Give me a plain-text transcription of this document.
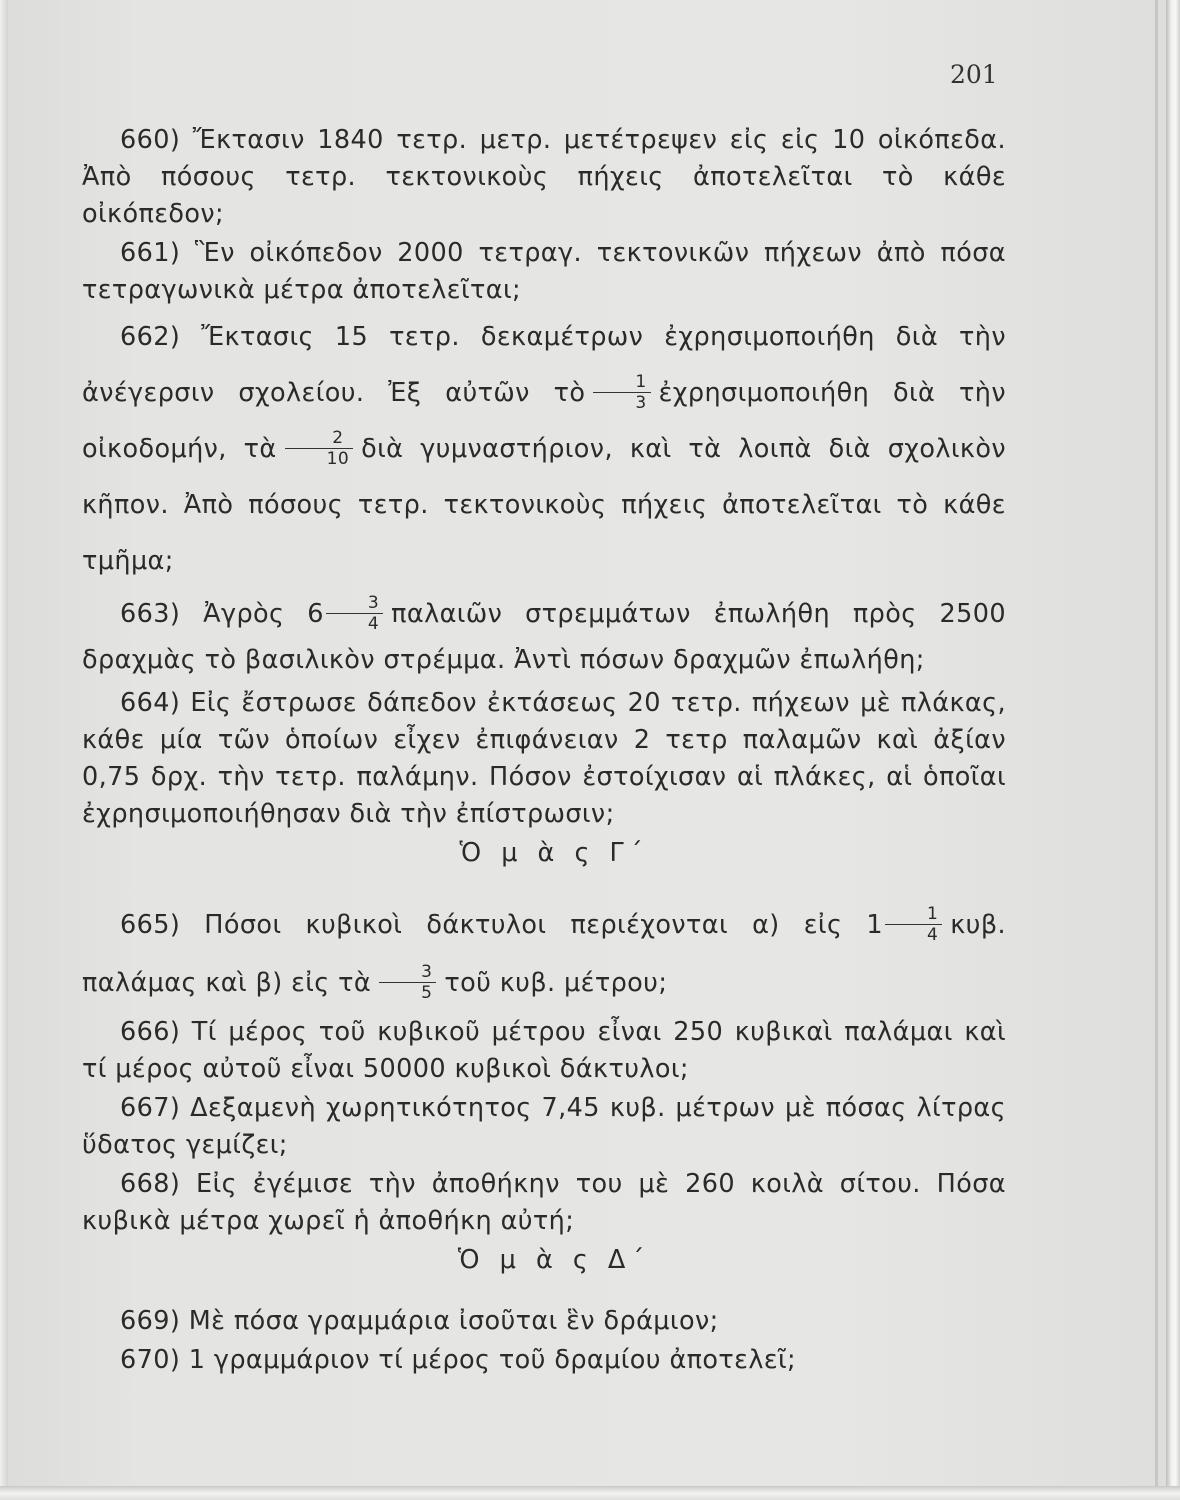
201

660) Ἔκτασιν 1840 τετρ. μετρ. μετέτρεψεν εἰς εἰς 10 οἰκόπεδα. Ἀπὸ πόσους τετρ. τεκτονικοὺς πήχεις ἀποτελεῖται τὸ κάθε οἰκόπεδον;

661) Ἓν οἰκόπεδον 2000 τετραγ. τεκτονικῶν πήχεων ἀπὸ πόσα τετραγωνικὰ μέτρα ἀποτελεῖται;

662) Ἔκτασις 15 τετρ. δεκαμέτρων ἐχρησιμοποιήθη διὰ τὴν ἀνέγερσιν σχολείου. Ἐξ αὐτῶν τὸ $\frac{1}{3}$ ἐχρησιμοποιήθη διὰ τὴν οἰκοδομήν, τὰ $\frac{2}{10}$ διὰ γυμναστήριον, καὶ τὰ λοιπὰ διὰ σχολικὸν κῆπον. Ἀπὸ πόσους τετρ. τεκτονικοὺς πήχεις ἀποτελεῖται τὸ κάθε τμῆμα;

663) Ἀγρὸς $6 \frac{3}{4}$ παλαιῶν στρεμμάτων ἐπωλήθη πρὸς 2500 δραχμὰς τὸ βασιλικὸν στρέμμα. Ἀντὶ πόσων δραχμῶν ἐπωλήθη;

664) Εἰς ἔστρωσε δάπεδον ἐκτάσεως 20 τετρ. πήχεων μὲ πλάκας, κάθε μία τῶν ὁποίων εἶχεν ἐπιφάνειαν 2 τετρ παλαμῶν καὶ ἀξίαν 0,75 δρχ. τὴν τετρ. παλάμην. Πόσον ἐστοίχισαν αἱ πλάκες, αἱ ὁποῖαι ἐχρησιμοποιήθησαν διὰ τὴν ἐπίστρωσιν;

Ὁ μ ὰ ς Γ΄

665) Πόσοι κυβικοὶ δάκτυλοι περιέχονται α) εἰς $1 \frac{1}{4} \kappa\upsilon\beta$. παλάμας καὶ β) εἰς τὰ $\frac{3}{5}$ τοῦ κυβ. μέτρου;

666) Τί μέρος τοῦ κυβικοῦ μέτρου εἶναι 250 κυβικαὶ παλάμαι καὶ τί μέρος αὐτοῦ εἶναι 50000 κυβικοὶ δάκτυλοι;

667) Δεξαμενὴ χωρητικότητος 7,45 κυβ. μέτρων μὲ πόσας λίτρας ὕδατος γεμίζει;

668) Εἰς ἐγέμισε τὴν ἀποθήκην του μὲ 260 κοιλὰ σίτου. Πόσα κυβικὰ μέτρα χωρεῖ ἡ ἀποθήκη αὐτή;

Ὁ μ ὰ ς Δ΄

669) Μὲ πόσα γραμμάρια ἰσοῦται ἓν δράμιον;

670) 1 γραμμάριον τί μέρος τοῦ δραμίου ἀποτελεῖ;
